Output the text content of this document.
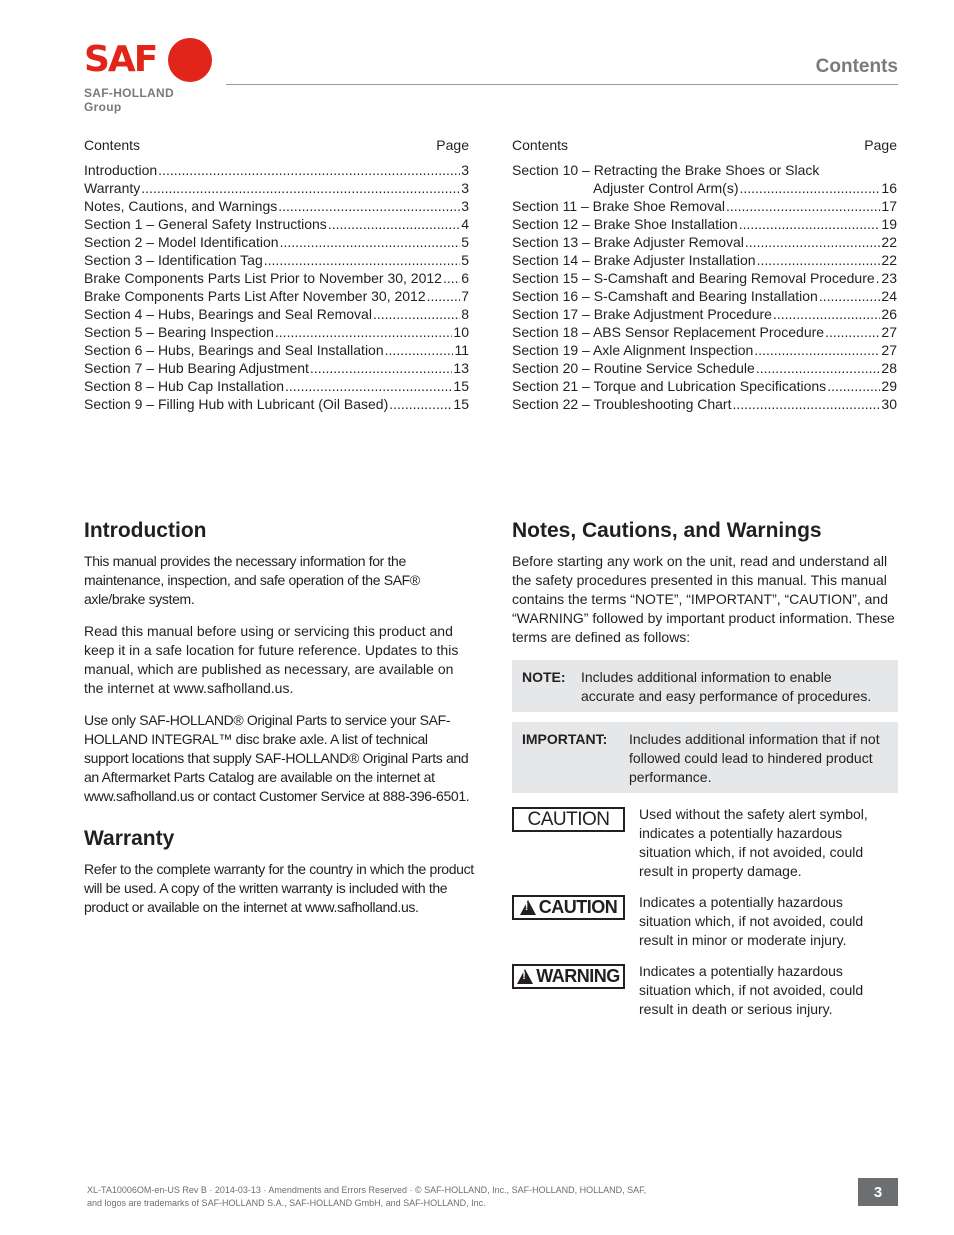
SAF
SAF-HOLLAND Group
Contents
Contents	Page
Introduction .....	3
Warranty .....	3
Notes, Cautions, and Warnings .....	3
Section 1 – General Safety Instructions .....	4
Section 2 – Model Identification .....	5
Section 3 – Identification Tag .....	5
Brake Components Parts List Prior to November 30, 2012 ..... 6
Brake Components Parts List After November 30, 2012 .....	7
Section 4 – Hubs, Bearings and Seal Removal .....	8
Section 5 – Bearing Inspection .....	10
Section 6 – Hubs, Bearings and Seal Installation .....	11
Section 7 – Hub Bearing Adjustment .....	13
Section 8 – Hub Cap Installation .....	15
Section 9 – Filling Hub with Lubricant (Oil Based) .....	15
Contents	Page
Section 10 – Retracting the Brake Shoes or Slack
Adjuster Control Arm(s) .....	16
Section 11 – Brake Shoe Removal .....	17
Section 12 – Brake Shoe Installation .....	19
Section 13 – Brake Adjuster Removal .....	22
Section 14 – Brake Adjuster Installation .....	22
Section 15 – S-Camshaft and Bearing Removal Procedure ..... 23
Section 16 – S-Camshaft and Bearing Installation .....	24
Section 17 – Brake Adjustment Procedure .....	26
Section 18 – ABS Sensor Replacement Procedure .....	27
Section 19 – Axle Alignment Inspection .....	27
Section 20 – Routine Service Schedule .....	28
Section 21 – Torque and Lubrication Specifications .....	29
Section 22 – Troubleshooting Chart .....	30
Introduction

This manual provides the necessary information for the maintenance, inspection, and safe operation of the SAF® axle/brake system.

Read this manual before using or servicing this product and keep it in a safe location for future reference. Updates to this manual, which are published as necessary, are available on the internet at www.safholland.us.

Use only SAF-HOLLAND® Original Parts to service your SAF-HOLLAND INTEGRAL™ disc brake axle. A list of technical support locations that supply SAF-HOLLAND® Original Parts and an Aftermarket Parts Catalog are available on the internet at www.safholland.us or contact Customer Service at 888-396-6501.

Warranty

Refer to the complete warranty for the country in which the product will be used. A copy of the written warranty is included with the product or available on the internet at www.safholland.us.

Notes, Cautions, and Warnings

Before starting any work on the unit, read and understand all the safety procedures presented in this manual. This manual contains the terms “NOTE”, “IMPORTANT”, “CAUTION”, and “WARNING” followed by important product information. These terms are defined as follows:

NOTE:	Includes additional information to enable accurate and easy performance of procedures.
IMPORTANT:	Includes additional information that if not followed could lead to hindered product performance.
CAUTION Used without the safety alert symbol, indicates a potentially hazardous situation which, if not avoided, could result in property damage.
!
CAUTION Indicates a potentially hazardous situation which, if not avoided, could result in minor or moderate injury.
!
WARNING Indicates a potentially hazardous situation which, if not avoided, could result in death or serious injury.
XL-TA10006OM-en-US Rev B · 2014-03-13 · Amendments and Errors Reserved · © SAF-HOLLAND, Inc., SAF-HOLLAND, HOLLAND, SAF,
and logos are trademarks of SAF-HOLLAND S.A., SAF-HOLLAND GmbH, and SAF-HOLLAND, Inc.
3
